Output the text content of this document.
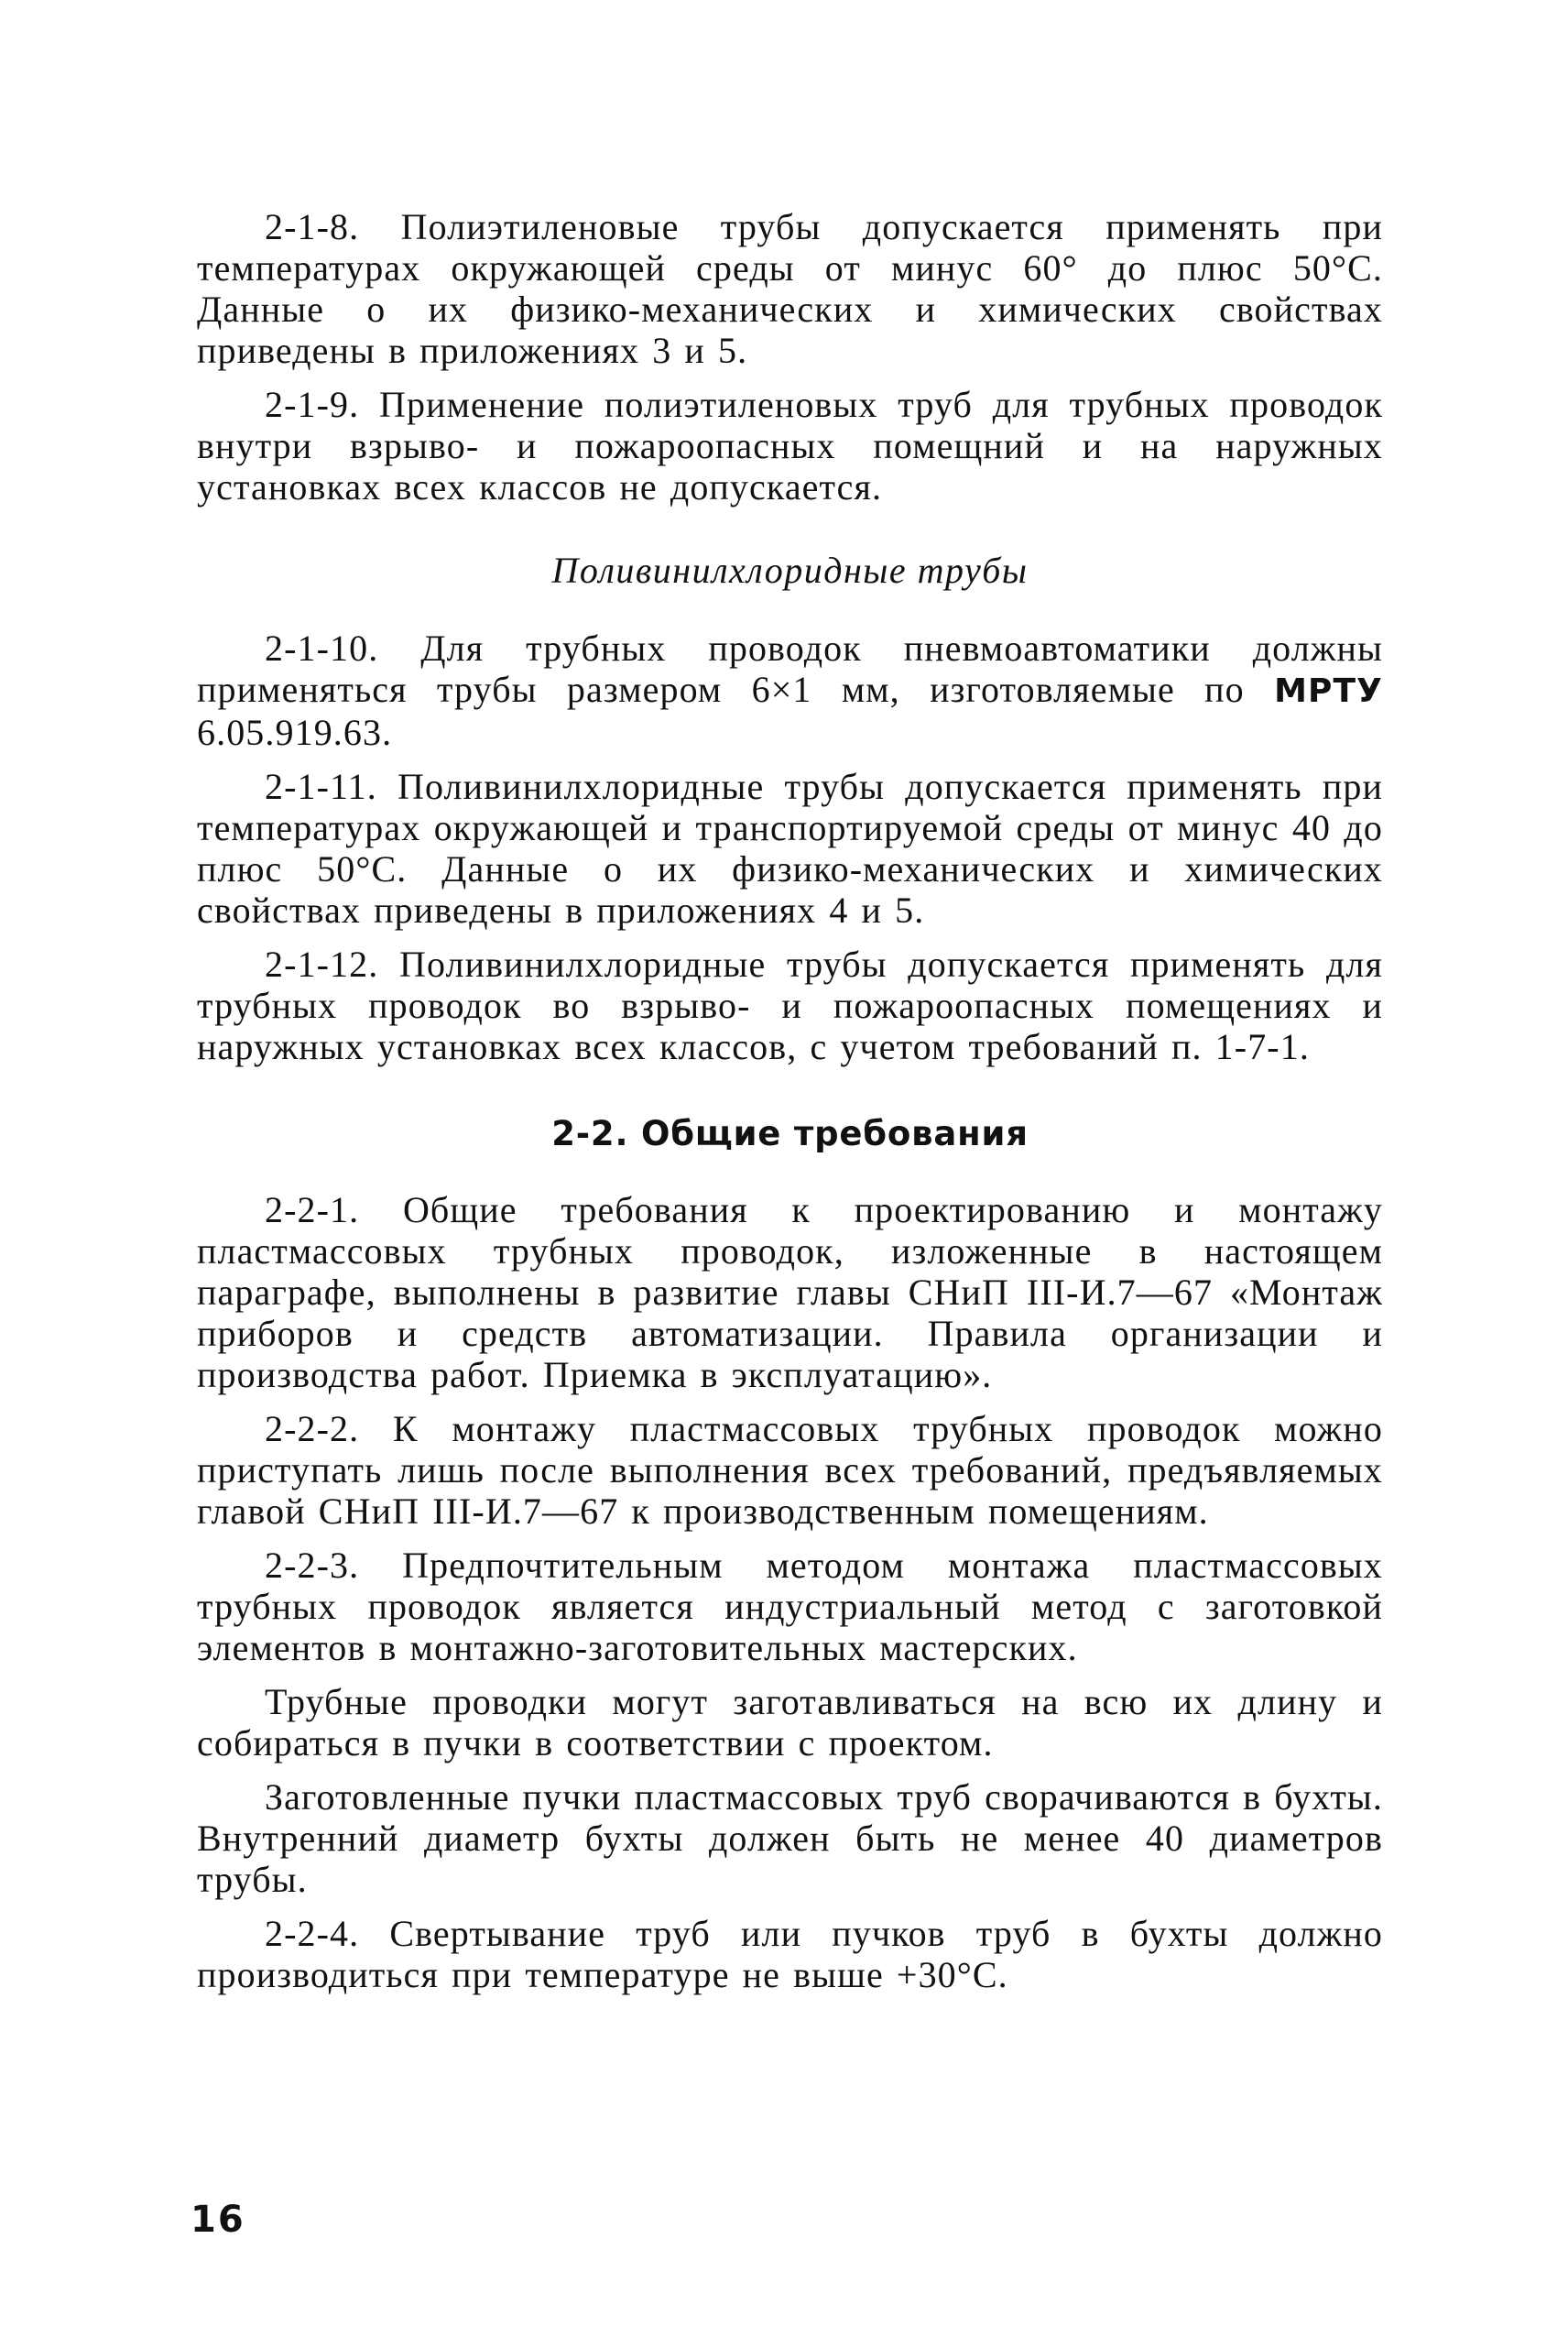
2-1-8. Полиэтиленовые трубы допускается применять при температурах окружающей среды от минус 60° до плюс 50°С. Данные о их физико-механических и химических свойствах приведены в приложениях 3 и 5.

2-1-9. Применение полиэтиленовых труб для трубных проводок внутри взрыво- и пожароопасных помещний и на наружных установках всех классов не допускается.

Поливинилхлоридные трубы

2-1-10. Для трубных проводок пневмоавтоматики должны применяться трубы размером 6×1 мм, изготовляемые по МРТУ 6.05.919.63.

2-1-11. Поливинилхлоридные трубы допускается применять при температурах окружающей и транспортируемой среды от минус 40 до плюс 50°С. Данные о их физико-механических и химических свойствах приведены в приложениях 4 и 5.

2-1-12. Поливинилхлоридные трубы допускается применять для трубных проводок во взрыво- и пожароопасных помещениях и наружных установках всех классов, с учетом требований п. 1-7-1.

2-2. Общие требования

2-2-1. Общие требования к проектированию и монтажу пластмассовых трубных проводок, изложенные в настоящем параграфе, выполнены в развитие главы СНиП III-И.7—67 «Монтаж приборов и средств автоматизации. Правила организации и производства работ. Приемка в эксплуатацию».

2-2-2. К монтажу пластмассовых трубных проводок можно приступать лишь после выполнения всех требований, предъявляемых главой СНиП III-И.7—67 к производственным помещениям.

2-2-3. Предпочтительным методом монтажа пластмассовых трубных проводок является индустриальный метод с заготовкой элементов в монтажно-заготовительных мастерских.

Трубные проводки могут заготавливаться на всю их длину и собираться в пучки в соответствии с проектом.

Заготовленные пучки пластмассовых труб сворачиваются в бухты. Внутренний диаметр бухты должен быть не менее 40 диаметров трубы.

2-2-4. Свертывание труб или пучков труб в бухты должно производиться при температуре не выше +30°С.

16
